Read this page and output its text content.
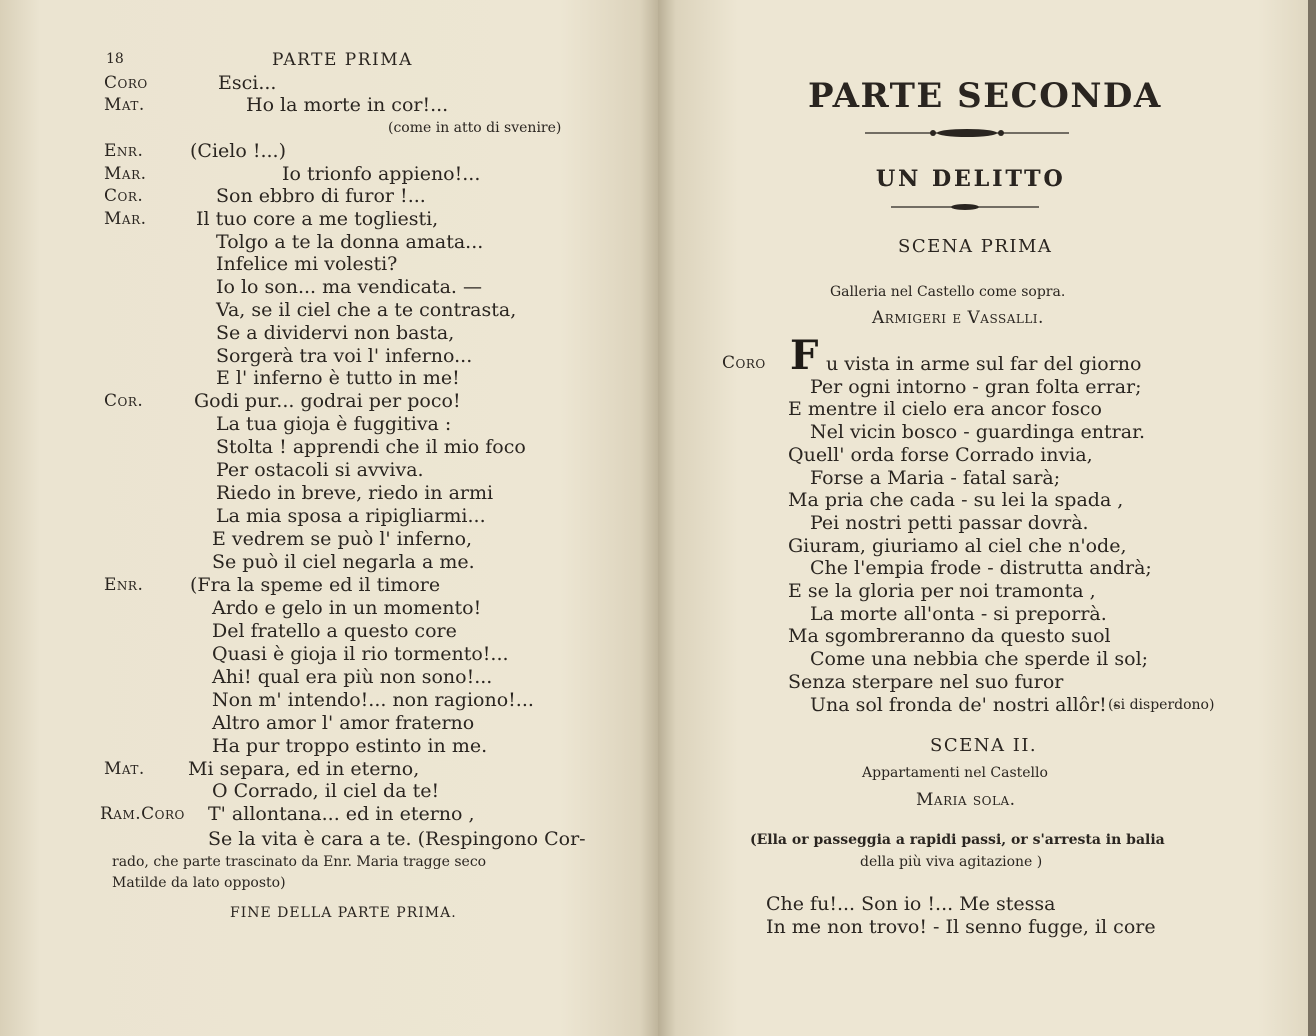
18	PARTE PRIMA
Coro	Esci...
Mat.	Ho la morte in cor!...
(come in atto di svenire)
Enr. (Cielo !...)
Mar.	Io trionfo appieno!...
Cor.	Son ebbro di furor !...
Mar.	Il tuo core a me togliesti,
Tolgo a te la donna amata...
Infelice mi volesti?
Io lo son... ma vendicata. —
Va, se il ciel che a te contrasta,
Se a dividervi non basta,
Sorgerà tra voi l' inferno...
E l' inferno è tutto in me!
Cor.	Godi pur... godrai per poco!
La tua gioja è fuggitiva :
Stolta ! apprendi che il mio foco
Per ostacoli si avviva.
Riedo in breve, riedo in armi
La mia sposa a ripigliarmi...
E vedrem se può l' inferno,
Se può il ciel negarla a me.
Enr. (Fra la speme ed il timore
Ardo e gelo in un momento!
Del fratello a questo core
Quasi è gioja il rio tormento!...
Ahi! qual era più non sono!...
Non m' intendo!... non ragiono!...
Altro amor l' amor fraterno
Ha pur troppo estinto in me.
Mat. Mi separa, ed in eterno,
O Corrado, il ciel da te!
Ram.Coro T' allontana... ed in eterno ,
Se la vita è cara a te. (Respingono Cor-
rado, che parte trascinato da Enr. Maria tragge seco
Matilde da lato opposto)
FINE DELLA PARTE PRIMA.
PARTE SECONDA
UN DELITTO
SCENA PRIMA
Galleria nel Castello come sopra.
Armigeri e Vassalli.
Coro F u vista in arme sul far del giorno
Per ogni intorno - gran folta errar;
E mentre il cielo era ancor fosco
Nel vicin bosco - guardinga entrar.
Quell' orda forse Corrado invia,
Forse a Maria - fatal sarà;
Ma pria che cada - su lei la spada ,
Pei nostri petti passar dovrà.
Giuram, giuriamo al ciel che n'ode,
Che l'empia frode - distrutta andrà;
E se la gloria per noi tramonta ,
La morte all'onta - si preporrà.
Ma sgombreranno da questo suol
Come una nebbia che sperde il sol;
Senza sterpare nel suo furor
Una sol fronda de' nostri allôr! -
(si disperdono)
SCENA II.
Appartamenti nel Castello
Maria sola.
(Ella or passeggia a rapidi passi, or s'arresta in balia
della più viva agitazione )
Che fu!... Son io !... Me stessa
In me non trovo! - Il senno fugge, il core
